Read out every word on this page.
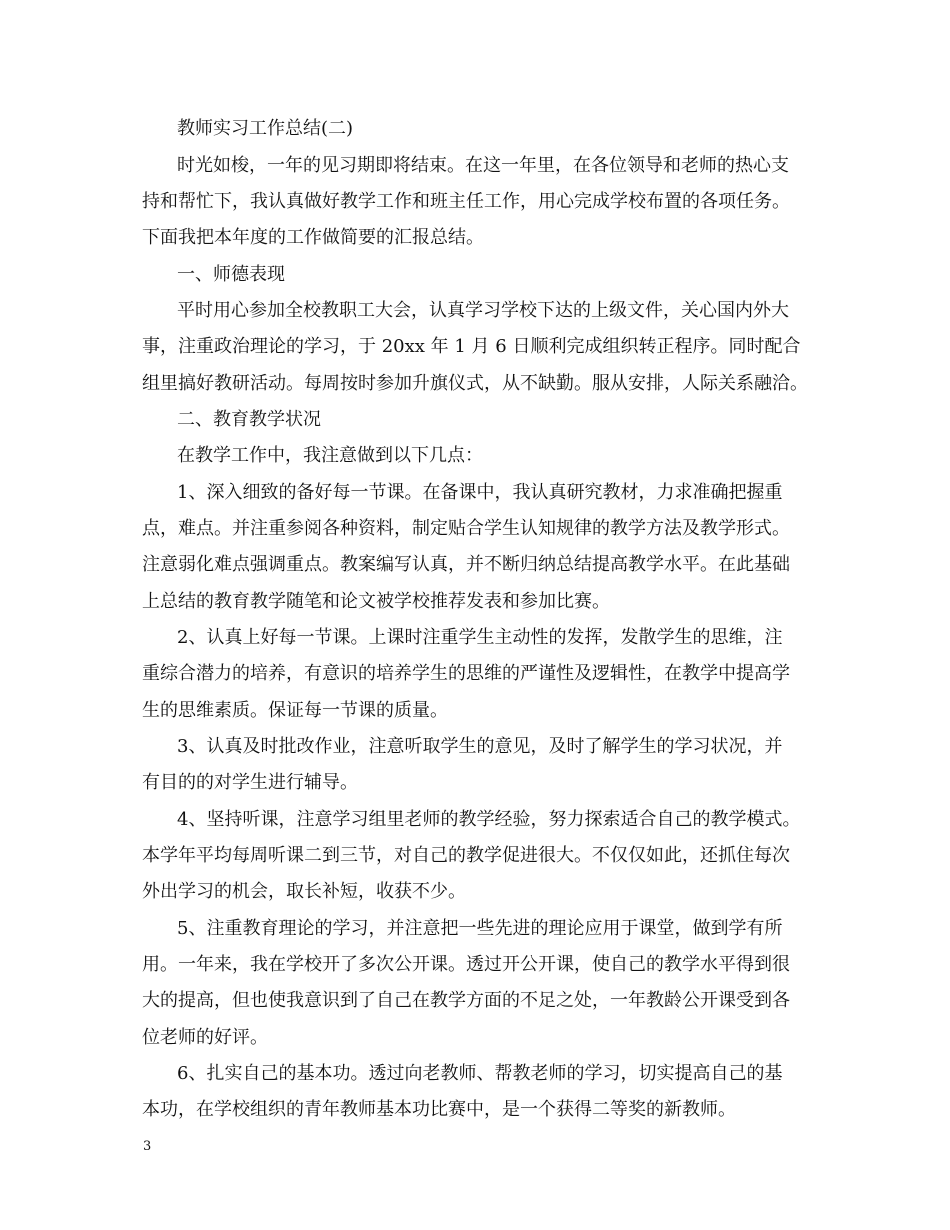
教师实习工作总结(二)
时光如梭，一年的见习期即将结束。在这一年里，在各位领导和老师的热心支
持和帮忙下，我认真做好教学工作和班主任工作，用心完成学校布置的各项任务。
下面我把本年度的工作做简要的汇报总结。
一、师德表现
平时用心参加全校教职工大会，认真学习学校下达的上级文件，关心国内外大
事，注重政治理论的学习，于 20xx 年 1 月 6 日顺利完成组织转正程序。同时配合
组里搞好教研活动。每周按时参加升旗仪式，从不缺勤。服从安排，人际关系融洽。
二、教育教学状况
在教学工作中，我注意做到以下几点：
1、深入细致的备好每一节课。在备课中，我认真研究教材，力求准确把握重
点，难点。并注重参阅各种资料，制定贴合学生认知规律的教学方法及教学形式。
注意弱化难点强调重点。教案编写认真，并不断归纳总结提高教学水平。在此基础
上总结的教育教学随笔和论文被学校推荐发表和参加比赛。
2、认真上好每一节课。上课时注重学生主动性的发挥，发散学生的思维，注
重综合潜力的培养，有意识的培养学生的思维的严谨性及逻辑性，在教学中提高学
生的思维素质。保证每一节课的质量。
3、认真及时批改作业，注意听取学生的意见，及时了解学生的学习状况，并
有目的的对学生进行辅导。
4、坚持听课，注意学习组里老师的教学经验，努力探索适合自己的教学模式。
本学年平均每周听课二到三节，对自己的教学促进很大。不仅仅如此，还抓住每次
外出学习的机会，取长补短，收获不少。
5、注重教育理论的学习，并注意把一些先进的理论应用于课堂，做到学有所
用。一年来，我在学校开了多次公开课。透过开公开课，使自己的教学水平得到很
大的提高，但也使我意识到了自己在教学方面的不足之处，一年教龄公开课受到各
位老师的好评。
6、扎实自己的基本功。透过向老教师、帮教老师的学习，切实提高自己的基
本功，在学校组织的青年教师基本功比赛中，是一个获得二等奖的新教师。
3
